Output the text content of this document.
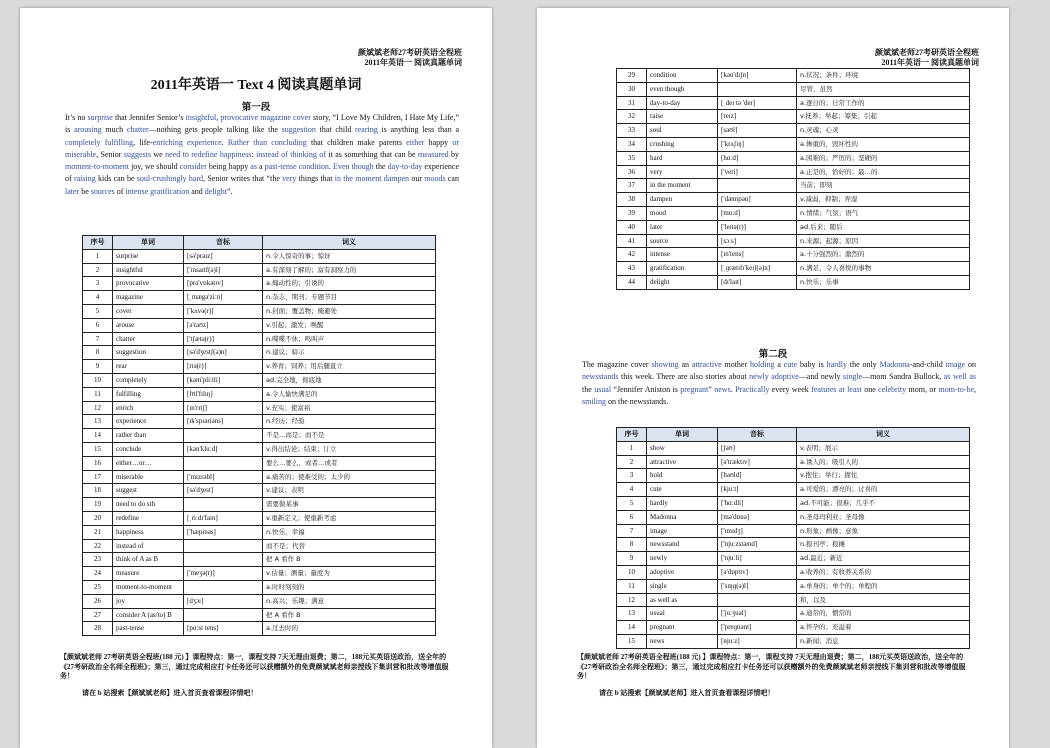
颜斌斌老师27考研英语全程班
2011年英语一 阅读真题单词
2011年英语一 Text 4 阅读真题单词
第一段
It’s no surprise that Jennifer Senior’s insightful, provocative magazine cover story, “I Love My Children, I Hate My Life,” is arousing much chatter—nothing gets people talking like the suggestion that child rearing is anything less than a completely fulfilling, life-enriching experience. Rather than concluding that children make parents either happy or miserable, Senior suggests we need to redefine happiness: instead of thinking of it as something that can be measured by moment-to-moment joy, we should consider being happy as a past-tense condition. Even though the day-to-day experience of raising kids can be soul-crushingly hard, Senior writes that “the very things that in the moment dampen our moods can later be sources of intense gratification and delight”.
序号	单词	音标	词义
1	surprise	[sə'praɪz]	n.令人惊奇的事；惊讶
2	insightful	['ɪnsaɪtf(ə)l]	a.有深刻了解的；富有洞察力的
3	provocative	[prə'vɒkətɪv]	a.煽动性的；引诱的
4	magazine	[ˌmægə'ziːn]	n.杂志，期刊；专题节目
5	cover	['kʌvə(r)]	n.封面；覆盖物；掩避处
6	arouse	[ə'raʊz]	v.引起；激发；唤醒
7	chatter	['tʃætə(r)]	n.喋喋不休；鸣叫声
8	suggestion	[sə'dʒestʃ(ə)n]	n.建议；暗示
9	rear	[rɪə(r)]	v.养育；饲养；用后腿直立
10	completely	[kəm'pliːtli]	ad.完全地，彻底地
11	fulfilling	[fʊl'fɪlɪŋ]	a.令人愉快满足的
12	enrich	[ɪn'rɪtʃ]	v.充实；使富裕
13	experience	[ɪk'spɪəriəns]	n.经历；经验
14	rather than		不是…而是；而不是
15	conclude	[kən'kluːd]	v.得出结论；结束；订立
16	either…or…		要么…要么，或者…或者
17	miserable	['mɪzrəbl]	a.痛苦的；使难受的；太少的
18	suggest	[sə'dʒest]	v.建议；表明
19	need to do sth		需要做某事
20	redefine	[ˌriːdɪ'faɪn]	v.重新定义；使重新考虑
21	happiness	['hæpinəs]	n.快乐，幸福
22	instead of		而不是；代替
23	think of A as B		把 A 看作 B
24	measure	['meʒə(r)]	v.估量；测量；量度为
25	moment-to-moment		a.时时刻刻的
26	joy	[dʒɔɪ]	n.高兴；乐趣；满意
27	consider A (as/to) B		把 A 看作 B
28	past-tense	[pɑːst tens]	a.过去时的
【颜斌斌老师 27考研英语全程班(188 元) 】课程特点：第一，课程支持 7天无理由退费；第二，188元买英语送政治，送全年的《27考研政治全名师全程班》；第三，通过完成相应打卡任务还可以获赠额外的免费颜斌斌老师亲授线下集训营和批改等增值服务！
请在 b 站搜索【颜斌斌老师】进入首页查看课程详情吧！
颜斌斌老师27考研英语全程班
2011年英语一 阅读真题单词
29	condition	[kən'dɪʃn]	n.状况；条件；环境
30	even though		尽管，虽然
31	day-to-day	[ˌdeɪ tə 'deɪ]	a.逐日的；日常工作的
32	raise	[reɪz]	v.抚养；举起；筹集；引起
33	soul	[səʊl]	n.灵魂；心灵
34	crushing	['krʌʃɪŋ]	a.惨重的，毁坏性的
35	hard	[hɑːd]	a.困难的；严厉的；坚硬的
36	very	['veri]	a.正是的，恰好的；最…的
37	in the moment		当前；即刻
38	dampen	['dæmpən]	v.减弱，抑制；弄湿
39	mood	[muːd]	n.情绪；气氛；语气
40	later	['leɪtə(r)]	ad.后来；随后
41	source	[sɔːs]	n.来源；起源；原因
42	intense	[ɪn'tens]	a.十分强烈的；激烈的
43	gratification	[ˌɡrætɪfɪ'keɪʃ(ə)n]	n.满足，令人喜悦的事物
44	delight	[dɪ'laɪt]	n.快乐；乐事
第二段
The magazine cover showing an attractive mother holding a cute baby is hardly the only Madonna-and-child image on newsstands this week. There are also stories about newly adoptive—and newly single—mom Sandra Bullock, as well as the usual “Jennifer Aniston is pregnant” news. Practically every week features at least one celebrity mom, or mom-to-be, smiling on the newsstands.
序号	单词	音标	词义
1	show	[ʃəʊ]	v.表明；展示
2	attractive	[ə'træktɪv]	a.诱人的；吸引人的
3	hold	[həʊld]	v.抱住；举行；握住
4	cute	[kjuːt]	a.可爱的；漂亮的；讨喜的
5	hardly	['hɑːdli]	ad.不可能；很难；几乎不
6	Madonna	[mə'dɒnə]	n.圣母玛利亚；圣母像
7	image	['ɪmɪdʒ]	n.形象；画像；意象
8	newsstand	['njuːzstænd]	n.报刊亭；报摊
9	newly	['njuːli]	ad.最近；新近
10	adoptive	[ə'dɒptɪv]	a.收养的；有收养关系的
11	single	['sɪŋɡ(ə)l]	a.单身的；单个的；单程的
12	as well as		和，以及
13	usual	['juːʒuəl]	a.通常的，惯常的
14	pregnant	['preɡnənt]	a.怀孕的；充溢着
15	news	[njuːz]	n.新闻；消息
【颜斌斌老师 27考研英语全程班(188 元) 】课程特点：第一，课程支持 7天无理由退费；第二，188元买英语送政治，送全年的《27考研政治全名师全程班》；第三，通过完成相应打卡任务还可以获赠额外的免费颜斌斌老师亲授线下集训营和批改等增值服务！
请在 b 站搜索【颜斌斌老师】进入首页查看课程详情吧！
